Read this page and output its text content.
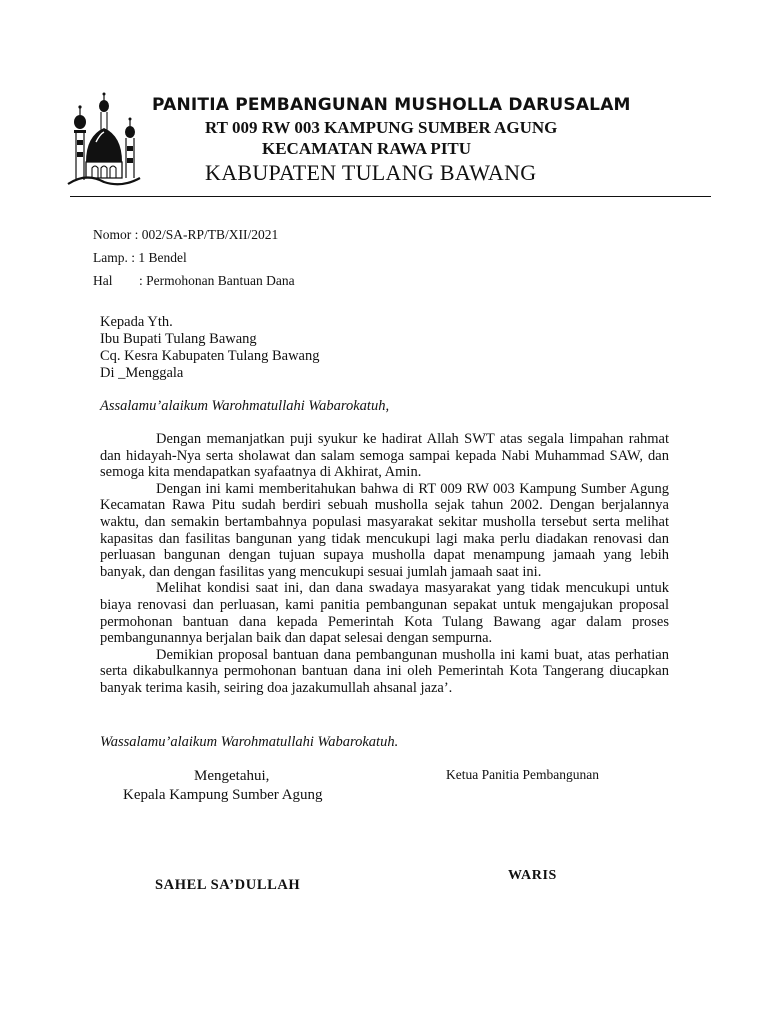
PANITIA PEMBANGUNAN MUSHOLLA DARUSALAM
RT 009 RW 003 KAMPUNG SUMBER AGUNG
KECAMATAN RAWA PITU
KABUPATEN TULANG BAWANG
Nomor : 002/SA-RP/TB/XII/2021
Lamp. : 1 Bendel
Hal : Permohonan Bantuan Dana
Kepada Yth.
Ibu Bupati Tulang Bawang
Cq. Kesra Kabupaten Tulang Bawang
Di _Menggala
Assalamu’alaikum Warohmatullahi Wabarokatuh,

Dengan memanjatkan puji syukur ke hadirat Allah SWT atas segala limpahan rahmat dan hidayah-Nya serta sholawat dan salam semoga sampai kepada Nabi Muhammad SAW, dan semoga kita mendapatkan syafaatnya di Akhirat, Amin.

Dengan ini kami memberitahukan bahwa di RT 009 RW 003 Kampung Sumber Agung Kecamatan Rawa Pitu sudah berdiri sebuah musholla sejak tahun 2002. Dengan berjalannya waktu, dan semakin bertambahnya populasi masyarakat sekitar musholla tersebut serta melihat kapasitas dan fasilitas bangunan yang tidak mencukupi lagi maka perlu diadakan renovasi dan perluasan bangunan dengan tujuan supaya musholla dapat menampung jamaah yang lebih banyak, dan dengan fasilitas yang mencukupi sesuai jumlah jamaah saat ini.

Melihat kondisi saat ini, dan dana swadaya masyarakat yang tidak mencukupi untuk biaya renovasi dan perluasan, kami panitia pembangunan sepakat untuk mengajukan proposal permohonan bantuan dana kepada Pemerintah Kota Tulang Bawang agar dalam proses pembangunannya berjalan baik dan dapat selesai dengan sempurna.

Demikian proposal bantuan dana pembangunan musholla ini kami buat, atas perhatian serta dikabulkannya permohonan bantuan dana ini oleh Pemerintah Kota Tangerang diucapkan banyak terima kasih, seiring doa jazakumullah ahsanal jaza’.

Wassalamu’alaikum Warohmatullahi Wabarokatuh.
Mengetahui,
Kepala Kampung Sumber Agung
Ketua Panitia Pembangunan
SAHEL SA’DULLAH
WARIS
